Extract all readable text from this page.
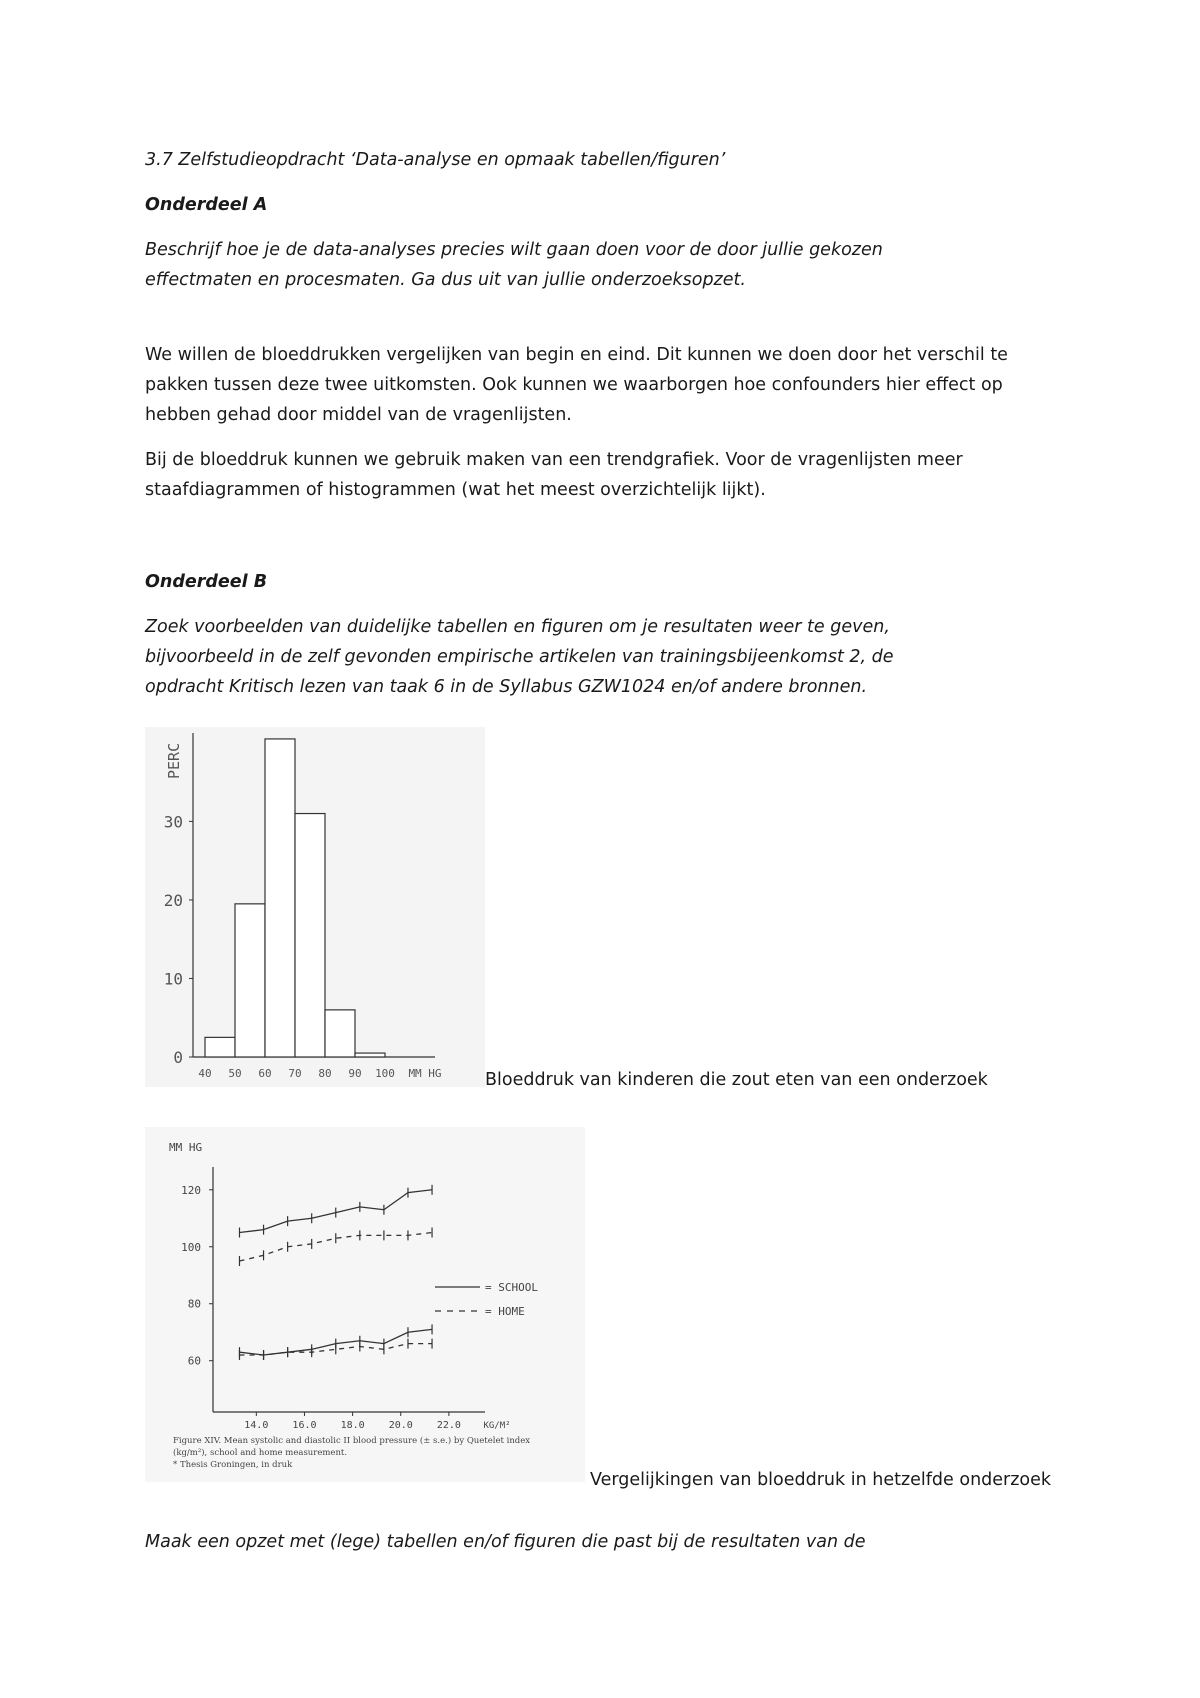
3.7 Zelfstudieopdracht ‘Data-analyse en opmaak tabellen/figuren’
Onderdeel A
Beschrijf hoe je de data-analyses precies wilt gaan doen voor de door jullie gekozen
effectmaten en procesmaten. Ga dus uit van jullie onderzoeksopzet.
We willen de bloeddrukken vergelijken van begin en eind. Dit kunnen we doen door het verschil te
pakken tussen deze twee uitkomsten. Ook kunnen we waarborgen hoe confounders hier effect op
hebben gehad door middel van de vragenlijsten.
Bij de bloeddruk kunnen we gebruik maken van een trendgrafiek. Voor de vragenlijsten meer
staafdiagrammen of histogrammen (wat het meest overzichtelijk lijkt).
Onderdeel B
Zoek voorbeelden van duidelijke tabellen en figuren om je resultaten weer te geven,
bijvoorbeeld in de zelf gevonden empirische artikelen van trainingsbijeenkomst 2, de
opdracht Kritisch lezen van taak 6 in de Syllabus GZW1024 en/of andere bronnen.
PERC
0
10
20
30
40 50 60 70 80 90 100 MM HG Bloeddruk van kinderen die zout eten van een onderzoek
MM HG
60
80
100
120
14.0 16.0 18.0 20.0 22.0	KG/M²
= SCHOOL
= HOME
Figure XIV. Mean systolic and diastolic II blood pressure (± s.e.) by Quetelet index
(kg/m²), school and home measurement.
* Thesis Groningen, in druk
Vergelijkingen van bloeddruk in hetzelfde onderzoek
Maak een opzet met (lege) tabellen en/of figuren die past bij de resultaten van de
